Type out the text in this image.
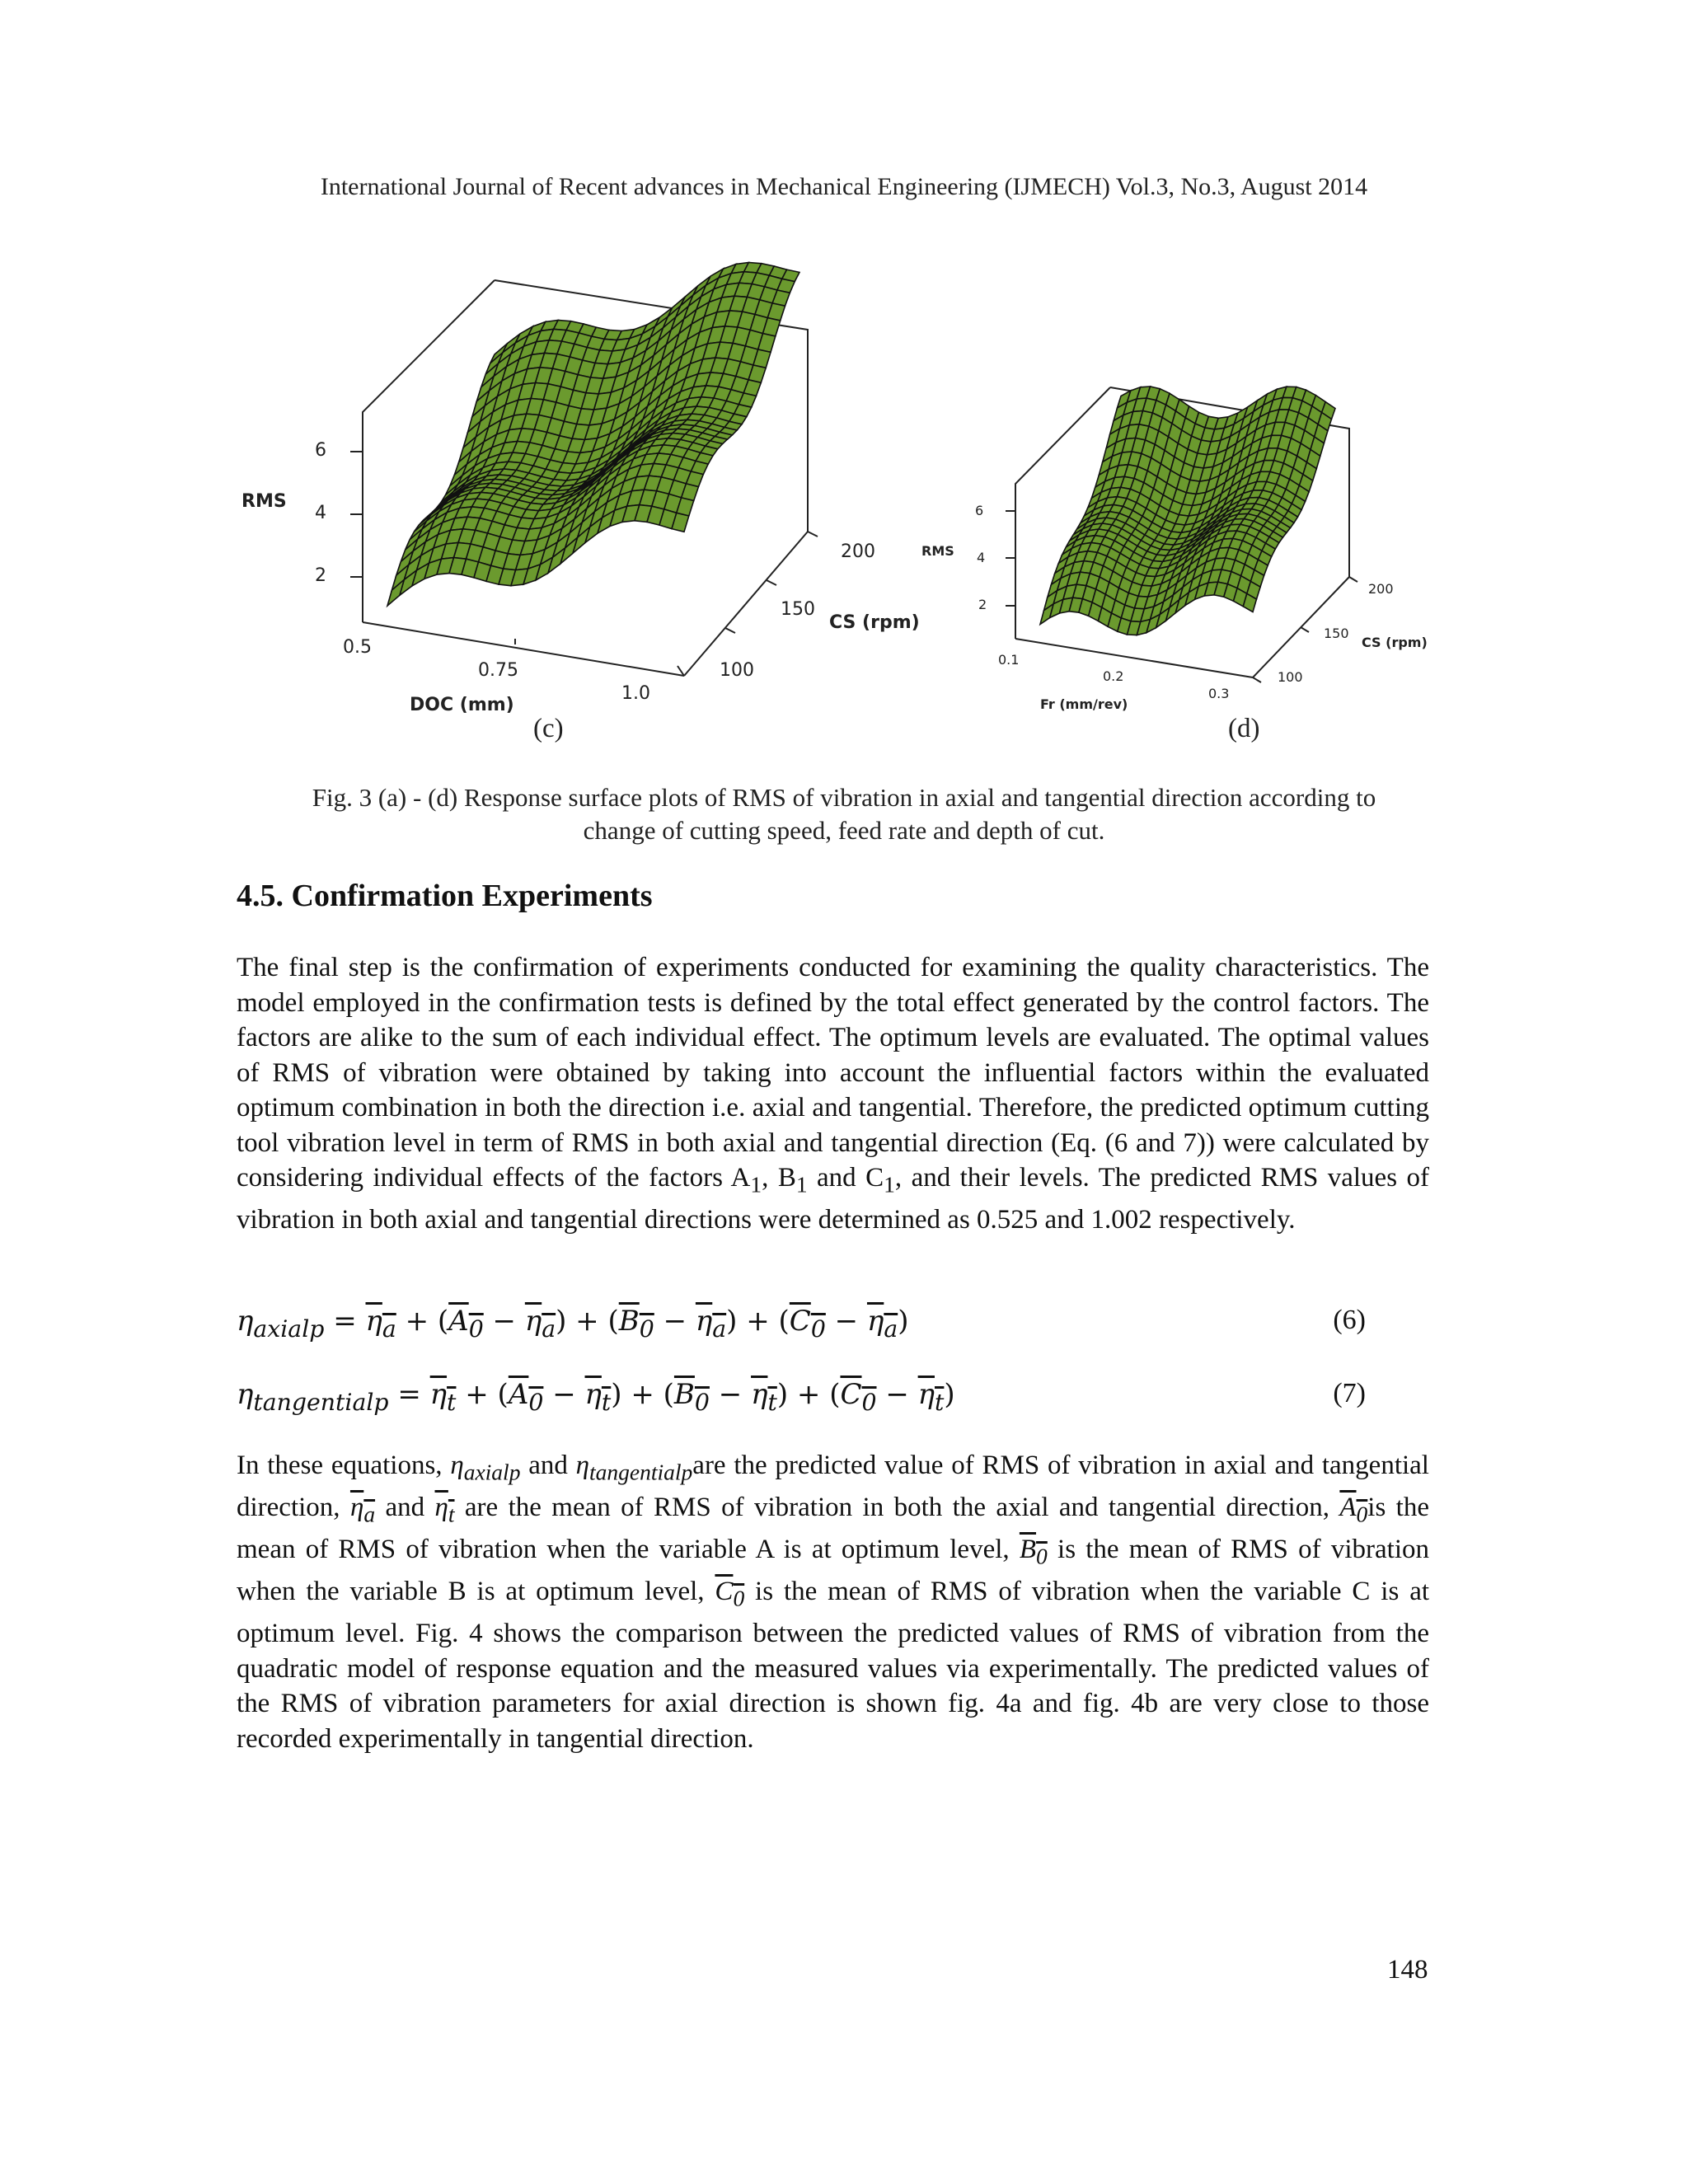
International Journal of Recent advances in Mechanical Engineering (IJMECH) Vol.3, No.3, August 2014
6
4
2
RMS
0.5
0.75
1.0
DOC (mm)
100
150
200
CS (rpm)
6
4
2
RMS
0.1
0.2
0.3
Fr (mm/rev)
100
150
200
CS (rpm)
(c)	(d)
Fig. 3 (a) - (d) Response surface plots of RMS of vibration in axial and tangential direction according to
change of cutting speed, feed rate and depth of cut.
4.5. Confirmation Experiments
The final step is the confirmation of experiments conducted for examining the quality characteristics. The model employed in the confirmation tests is defined by the total effect generated by the control factors. The factors are alike to the sum of each individual effect. The optimum levels are evaluated. The optimal values of RMS of vibration were obtained by taking into account the influential factors within the evaluated optimum combination in both the direction i.e. axial and tangential. Therefore, the predicted optimum cutting tool vibration level in term of RMS in both axial and tangential direction (Eq. (6 and 7)) were calculated by considering individual effects of the factors $A_1$, $B_1$ and $C_1$, and their levels. The predicted RMS values of vibration in both axial and tangential directions were determined as 0.525 and 1.002 respectively.
$\eta_{axialp} = \eta_a + (A_0 - \eta_a) + (B_0 - \eta_a) + (C_0 - \eta_a)$	(6)
$\eta_{tangentialp} = \eta_t + (A_0 - \eta_t) + (B_0 - \eta_t) + (C_0 - \eta_t)$	(7)
In these equations, $\eta_{axialp}$ and $\eta_{tangentialp}are$ the predicted value of RMS of vibration in axial and tangential direction, $\eta_a$ and $\eta_t$ are the mean of RMS of vibration in both the axial and tangential direction, $A_0is$ the mean of RMS of vibration when the variable A is at optimum level, $B_0$ is the mean of RMS of vibration when the variable B is at optimum level, $C_0$ is the mean of RMS of vibration when the variable C is at optimum level. Fig. 4 shows the comparison between the predicted values of RMS of vibration from the quadratic model of response equation and the measured values via experimentally. The predicted values of the RMS of vibration parameters for axial direction is shown fig. 4a and fig. 4b are very close to those recorded experimentally in tangential direction.
148
